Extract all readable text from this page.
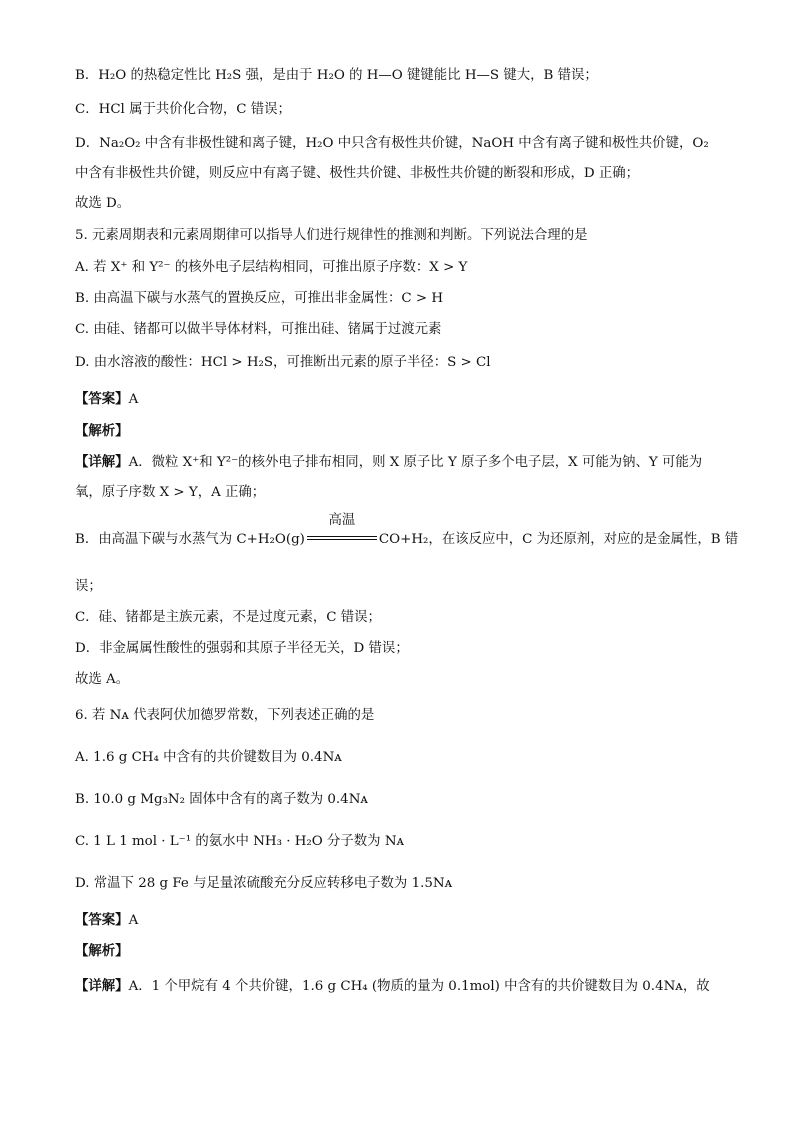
B．H₂O 的热稳定性比 H₂S 强，是由于 H₂O 的 H—O 键键能比 H—S 键大，B 错误；
C．HCl 属于共价化合物，C 错误；
D．Na₂O₂ 中含有非极性键和离子键，H₂O 中只含有极性共价键，NaOH 中含有离子键和极性共价键，O₂
中含有非极性共价键，则反应中有离子键、极性共价键、非极性共价键的断裂和形成，D 正确；
故选 D。
5. 元素周期表和元素周期律可以指导人们进行规律性的推测和判断。下列说法合理的是
A. 若 X⁺ 和 Y²⁻ 的核外电子层结构相同，可推出原子序数：X > Y
B. 由高温下碳与水蒸气的置换反应，可推出非金属性：C > H
C. 由硅、锗都可以做半导体材料，可推出硅、锗属于过渡元素
D. 由水溶液的酸性：HCl > H₂S，可推断出元素的原子半径：S > Cl
【答案】A
【解析】
【详解】A．微粒 X⁺和 Y²⁻的核外电子排布相同，则 X 原子比 Y 原子多个电子层，X 可能为钠、Y 可能为
氧，原子序数 X > Y，A 正确；
B．由高温下碳与水蒸气为 C+H₂O(g)
高温
CO+H₂，在该反应中，C 为还原剂，对应的是金属性，B 错
误；
C．硅、锗都是主族元素，不是过度元素，C 错误；
D．非金属属性酸性的强弱和其原子半径无关，D 错误；
故选 A。
6. 若 Nᴀ 代表阿伏加德罗常数，下列表述正确的是
A. 1.6 g CH₄ 中含有的共价键数目为 0.4Nᴀ
B. 10.0 g Mg₃N₂ 固体中含有的离子数为 0.4Nᴀ
C. 1 L 1 mol · L⁻¹ 的氨水中 NH₃ · H₂O 分子数为 Nᴀ
D. 常温下 28 g Fe 与足量浓硫酸充分反应转移电子数为 1.5Nᴀ
【答案】A
【解析】
【详解】A．1 个甲烷有 4 个共价键，1.6 g CH₄ (物质的量为 0.1mol) 中含有的共价键数目为 0.4Nᴀ，故
